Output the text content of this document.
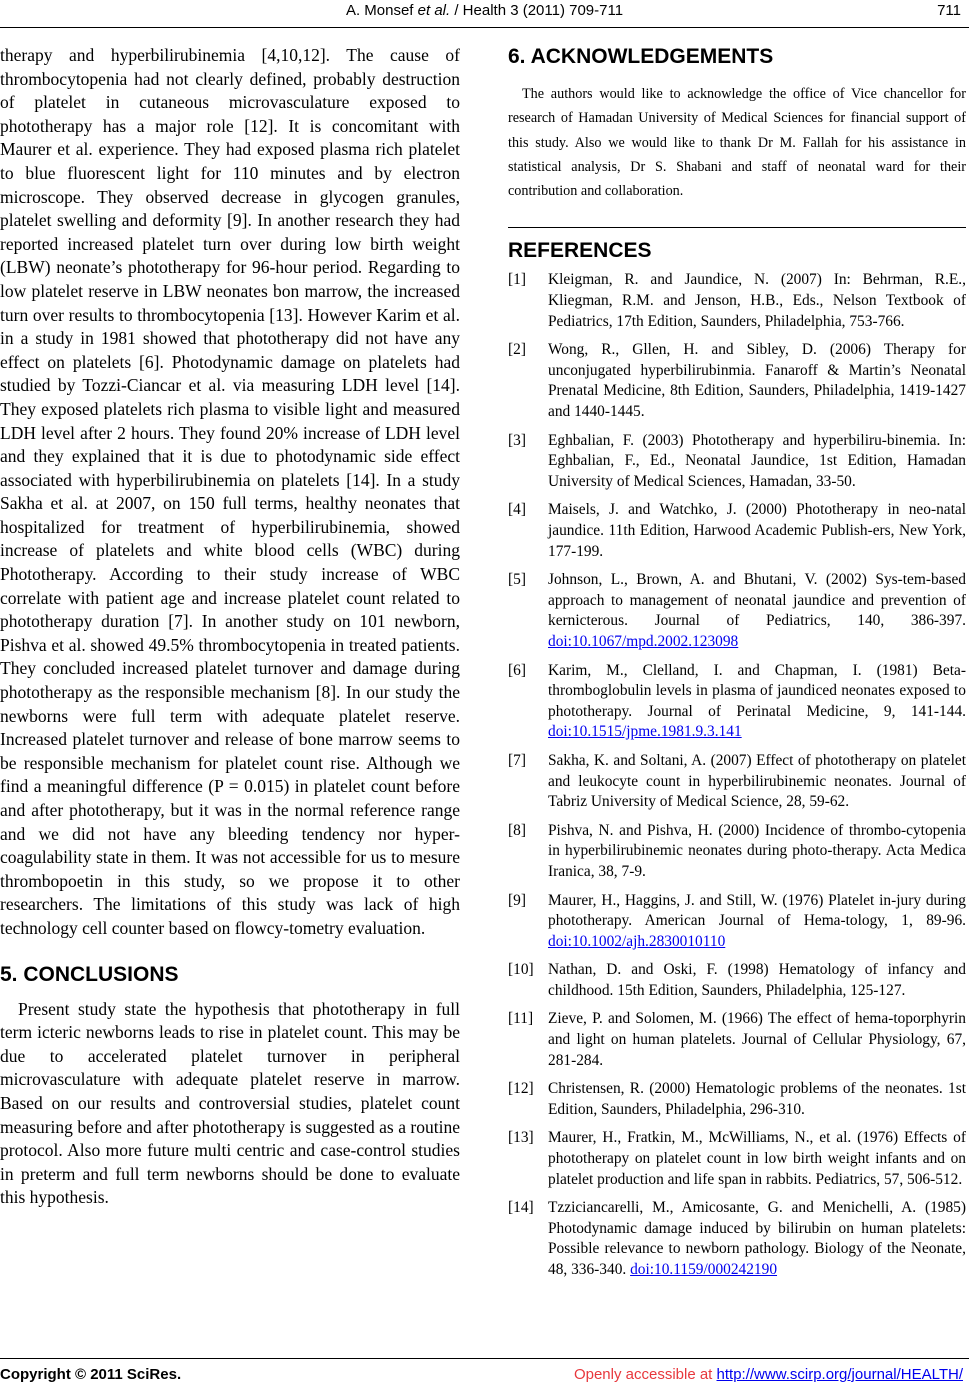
A. Monsef et al. / Health 3 (2011) 709-711	711

therapy and hyperbilirubinemia [4,10,12]. The cause of thrombocytopenia had not clearly defined, probably destruction of platelet in cutaneous microvasculature exposed to phototherapy has a major role [12]. It is concomitant with Maurer et al. experience. They had exposed plasma rich platelet to blue fluorescent light for 110 minutes and by electron microscope. They observed decrease in glycogen granules, platelet swelling and deformity [9]. In another research they had reported increased platelet turn over during low birth weight (LBW) neonate’s phototherapy for 96-hour period. Regarding to low platelet reserve in LBW neonates bon marrow, the increased turn over results to thrombocytopenia [13]. However Karim et al. in a study in 1981 showed that phototherapy did not have any effect on platelets [6]. Photodynamic damage on platelets had studied by Tozzi-Ciancar et al. via measuring LDH level [14]. They exposed platelets rich plasma to visible light and measured LDH level after 2 hours. They found 20% increase of LDH level and they explained that it is due to photodynamic side effect associated with hyperbilirubinemia on platelets [14]. In a study Sakha et al. at 2007, on 150 full terms, healthy neonates that hospitalized for treatment of hyperbilirubinemia, showed increase of platelets and white blood cells (WBC) during Phototherapy. According to their study increase of WBC correlate with patient age and increase platelet count related to phototherapy duration [7]. In another study on 101 newborn, Pishva et al. showed 49.5% thrombocytopenia in treated patients. They concluded increased platelet turnover and damage during phototherapy as the responsible mechanism [8]. In our study the newborns were full term with adequate platelet reserve. Increased platelet turnover and release of bone marrow seems to be responsible mechanism for platelet count rise. Although we find a meaningful difference (P = 0.015) in platelet count before and after phototherapy, but it was in the normal reference range and we did not have any bleeding tendency nor hyper-coagulability state in them. It was not accessible for us to mesure thrombopoetin in this study, so we propose it to other researchers. The limitations of this study was lack of high technology cell counter based on flowcy-tometry evaluation.

5. CONCLUSIONS

Present study state the hypothesis that phototherapy in full term icteric newborns leads to rise in platelet count. This may be due to accelerated platelet turnover in peripheral microvasculature with adequate platelet reserve in marrow. Based on our results and controversial studies, platelet count measuring before and after phototherapy is suggested as a routine protocol. Also more future multi centric and case-control studies in preterm and full term newborns should be done to evaluate this hypothesis.

6. ACKNOWLEDGEMENTS

The authors would like to acknowledge the office of Vice chancellor for research of Hamadan University of Medical Sciences for financial support of this study. Also we would like to thank Dr M. Fallah for his assistance in statistical analysis, Dr S. Shabani and staff of neonatal ward for their contribution and collaboration.

REFERENCES
[1]	Kleigman, R. and Jaundice, N. (2007) In: Behrman, R.E., Kliegman, R.M. and Jenson, H.B., Eds., Nelson Textbook of Pediatrics, 17th Edition, Saunders, Philadelphia, 753-766.
[2]	Wong, R., Gllen, H. and Sibley, D. (2006) Therapy for unconjugated hyperbilirubinmia. Fanaroff & Martin’s Neonatal Prenatal Medicine, 8th Edition, Saunders, Philadelphia, 1419-1427 and 1440-1445.
[3]	Eghbalian, F. (2003) Phototherapy and hyperbiliru-binemia. In: Eghbalian, F., Ed., Neonatal Jaundice, 1st Edition, Hamadan University of Medical Sciences, Hamadan, 33-50.
[4]	Maisels, J. and Watchko, J. (2000) Phototherapy in neo-natal jaundice. 11th Edition, Harwood Academic Publish-ers, New York, 177-199.
[5]	Johnson, L., Brown, A. and Bhutani, V. (2002) Sys-tem-based approach to management of neonatal jaundice and prevention of kernicterous. Journal of Pediatrics, 140, 386-397. doi:10.1067/mpd.2002.123098
[6]	Karim, M., Clelland, I. and Chapman, I. (1981) Beta-thromboglobulin levels in plasma of jaundiced neonates exposed to phototherapy. Journal of Perinatal Medicine, 9, 141-144. doi:10.1515/jpme.1981.9.3.141
[7]	Sakha, K. and Soltani, A. (2007) Effect of phototherapy on platelet and leukocyte count in hyperbilirubinemic neonates. Journal of Tabriz University of Medical Science, 28, 59-62.
[8]	Pishva, N. and Pishva, H. (2000) Incidence of thrombo-cytopenia in hyperbilirubinemic neonates during photo-therapy. Acta Medica Iranica, 38, 7-9.
[9]	Maurer, H., Haggins, J. and Still, W. (1976) Platelet in-jury during phototherapy. American Journal of Hema-tology, 1, 89-96. doi:10.1002/ajh.2830010110
[10] Nathan, D. and Oski, F. (1998) Hematology of infancy and childhood. 15th Edition, Saunders, Philadelphia, 125-127.
[11] Zieve, P. and Solomen, M. (1966) The effect of hema-toporphyrin and light on human platelets. Journal of Cellular Physiology, 67, 281-284.
[12] Christensen, R. (2000) Hematologic problems of the neonates. 1st Edition, Saunders, Philadelphia, 296-310.
[13] Maurer, H., Fratkin, M., McWilliams, N., et al. (1976) Effects of phototherapy on platelet count in low birth weight infants and on platelet production and life span in rabbits. Pediatrics, 57, 506-512.
[14] Tzziciancarelli, M., Amicosante, G. and Menichelli, A. (1985) Photodynamic damage induced by bilirubin on human platelets: Possible relevance to newborn pathology. Biology of the Neonate, 48, 336-340. doi:10.1159/000242190
Copyright © 2011 SciRes.	Openly accessible at http://www.scirp.org/journal/HEALTH/
